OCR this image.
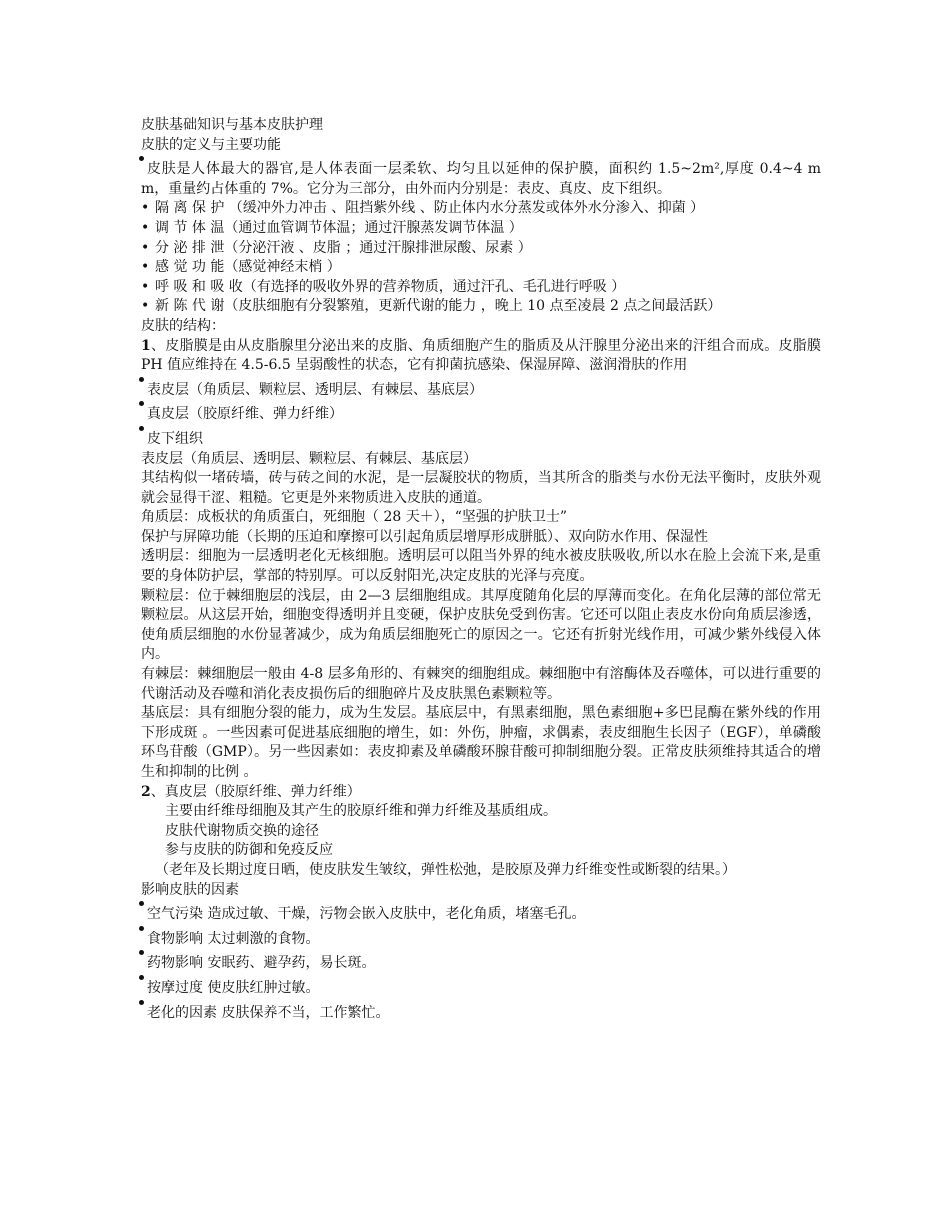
皮肤基础知识与基本皮肤护理
皮肤的定义与主要功能
皮肤是人体最大的器官,是人体表面一层柔软、均匀且以延伸的保护膜，面积约 1.5~2m²,厚度 0.4~4 m m，重量约占体重的 7%。它分为三部分，由外而内分别是：表皮、真皮、皮下组织。
• 隔 离 保 护 （缓冲外力冲击 、阻挡紫外线 、防止体内水分蒸发或体外水分渗入、抑菌 ）
• 调 节 体 温（通过血管调节体温；通过汗腺蒸发调节体温 ）
• 分 泌 排 泄（分泌汗液 、皮脂 ；通过汗腺排泄尿酸、尿素 ）
• 感 觉 功 能（感觉神经末梢 ）
• 呼 吸 和 吸 收（有选择的吸收外界的营养物质，通过汗孔、毛孔进行呼吸 ）
• 新 陈 代 谢（皮肤细胞有分裂繁殖，更新代谢的能力 ，晚上 10 点至凌晨 2 点之间最活跃）
皮肤的结构：
1、皮脂膜是由从皮脂腺里分泌出来的皮脂、角质细胞产生的脂质及从汗腺里分泌出来的汗组合而成。皮脂膜 PH 值应维持在 4.5-6.5 呈弱酸性的状态，它有抑菌抗感染、保湿屏障、滋润滑肤的作用
表皮层（角质层、颗粒层、透明层、有棘层、基底层）
真皮层（胶原纤维、弹力纤维）
皮下组织
表皮层（角质层、透明层、颗粒层、有棘层、基底层）
其结构似一堵砖墙，砖与砖之间的水泥，是一层凝胶状的物质，当其所含的脂类与水份无法平衡时，皮肤外观就会显得干涩、粗糙。它更是外来物质进入皮肤的通道。
角质层：成板状的角质蛋白，死细胞（ 28 天＋），“坚强的护肤卫士”
保护与屏障功能（长期的压迫和摩擦可以引起角质层增厚形成胼胝）、双向防水作用、保湿性
透明层：细胞为一层透明老化无核细胞。透明层可以阻当外界的纯水被皮肤吸收,所以水在脸上会流下来,是重要的身体防护层，掌部的特别厚。可以反射阳光,决定皮肤的光泽与亮度。
颗粒层：位于棘细胞层的浅层，由 2—3 层细胞组成。其厚度随角化层的厚薄而变化。在角化层薄的部位常无颗粒层。从这层开始，细胞变得透明并且变硬，保护皮肤免受到伤害。它还可以阻止表皮水份向角质层渗透，使角质层细胞的水份显著减少，成为角质层细胞死亡的原因之一。它还有折射光线作用，可减少紫外线侵入体内。
有棘层：棘细胞层一般由 4-8 层多角形的、有棘突的细胞组成。棘细胞中有溶酶体及吞噬体，可以进行重要的代谢活动及吞噬和消化表皮损伤后的细胞碎片及皮肤黑色素颗粒等。
基底层：具有细胞分裂的能力，成为生发层。基底层中，有黑素细胞，黑色素细胞+多巴昆酶在紫外线的作用下形成斑 。一些因素可促进基底细胞的增生，如：外伤，肿瘤，求偶素，表皮细胞生长因子（EGF），单磷酸环鸟苷酸（GMP）。另一些因素如：表皮抑素及单磷酸环腺苷酸可抑制细胞分裂。正常皮肤须维持其适合的增生和抑制的比例 。
2、真皮层（胶原纤维、弹力纤维）
主要由纤维母细胞及其产生的胶原纤维和弹力纤维及基质组成。
皮肤代谢物质交换的途径
参与皮肤的防御和免疫反应
（老年及长期过度日晒，使皮肤发生皱纹，弹性松弛，是胶原及弹力纤维变性或断裂的结果。）
影响皮肤的因素
空气污染 造成过敏、干燥，污物会嵌入皮肤中，老化角质，堵塞毛孔。
食物影响 太过刺激的食物。
药物影响 安眠药、避孕药，易长斑。
按摩过度 使皮肤红肿过敏。
老化的因素 皮肤保养不当，工作繁忙。
